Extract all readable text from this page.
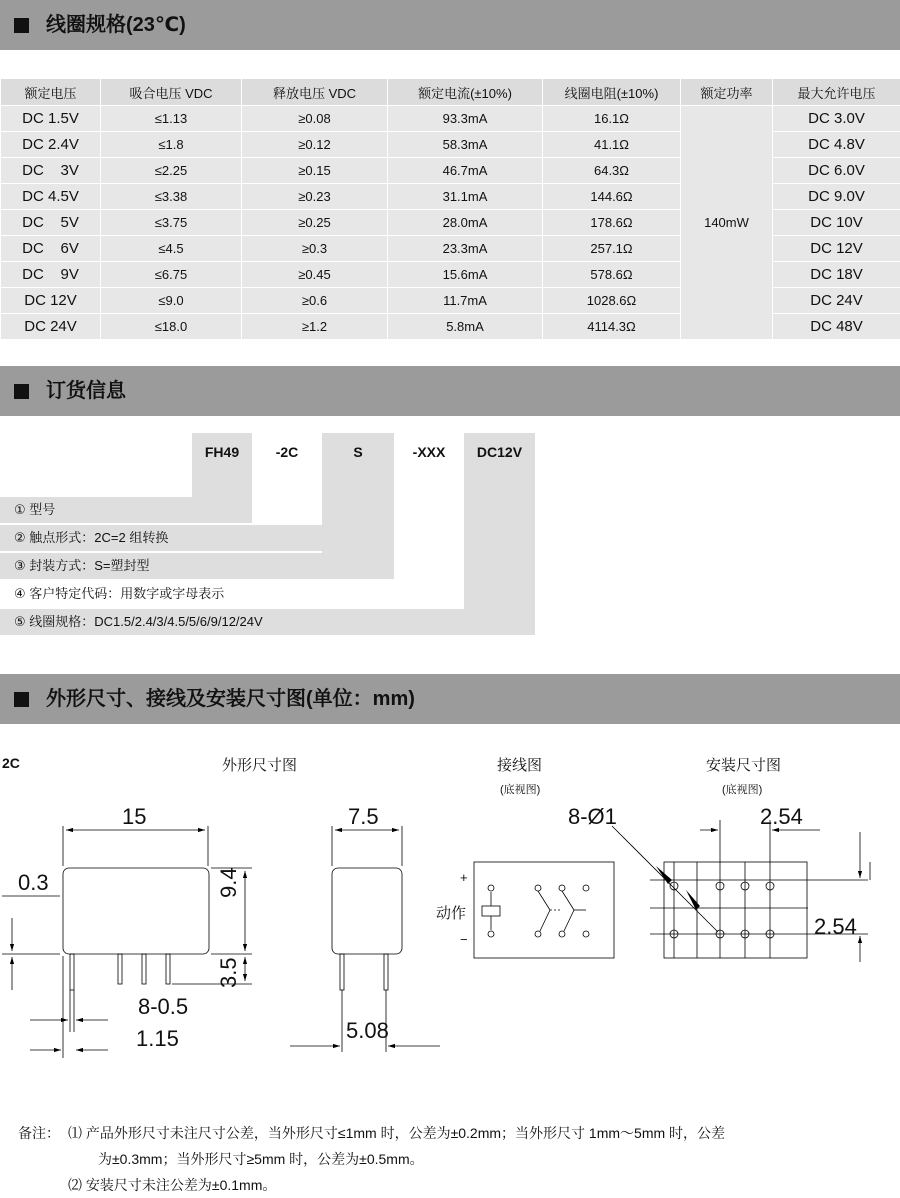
线圈规格(23℃)
额定电压	吸合电压 VDC	释放电压 VDC	额定电流(±10%)	线圈电阻(±10%)	额定功率	最大允许电压
DC 1.5V	≤1.13	≥0.08	93.3mA	16.1Ω	140mW	DC 3.0V
DC 2.4V	≤1.8	≥0.12	58.3mA	41.1Ω		DC 4.8V
DC    3V	≤2.25	≥0.15	46.7mA	64.3Ω		DC 6.0V
DC 4.5V	≤3.38	≥0.23	31.1mA	144.6Ω		DC 9.0V
DC    5V	≤3.75	≥0.25	28.0mA	178.6Ω		DC 10V
DC    6V	≤4.5	≥0.3	23.3mA	257.1Ω		DC 12V
DC    9V	≤6.75	≥0.45	15.6mA	578.6Ω		DC 18V
DC 12V	≤9.0	≥0.6	11.7mA	1028.6Ω		DC 24V
DC 24V	≤18.0	≥1.2	5.8mA	4114.3Ω		DC 48V
订货信息
FH49	-2C	S	-XXX	DC12V
① 型号
② 触点形式：2C=2 组转换
③ 封装方式：S=塑封型
④ 客户特定代码：用数字或字母表示
⑤ 线圈规格：DC1.5/2.4/3/4.5/5/6/9/12/24V
外形尺寸、接线及安装尺寸图(单位：mm)
2C	外形尺寸图	接线图
(底视图)
安装尺寸图
(底视图)
15	7.5
0.3	9.4
3.5
8-0.5
1.15	5.08
8-Ø1	2.54
2.54
+
−
动作
备注： ⑴ 产品外形尺寸未注尺寸公差，当外形尺寸≤1mm 时，公差为±0.2mm；当外形尺寸 1mm～5mm 时，公差
为±0.3mm；当外形尺寸≥5mm 时，公差为±0.5mm。
⑵ 安装尺寸未注公差为±0.1mm。
